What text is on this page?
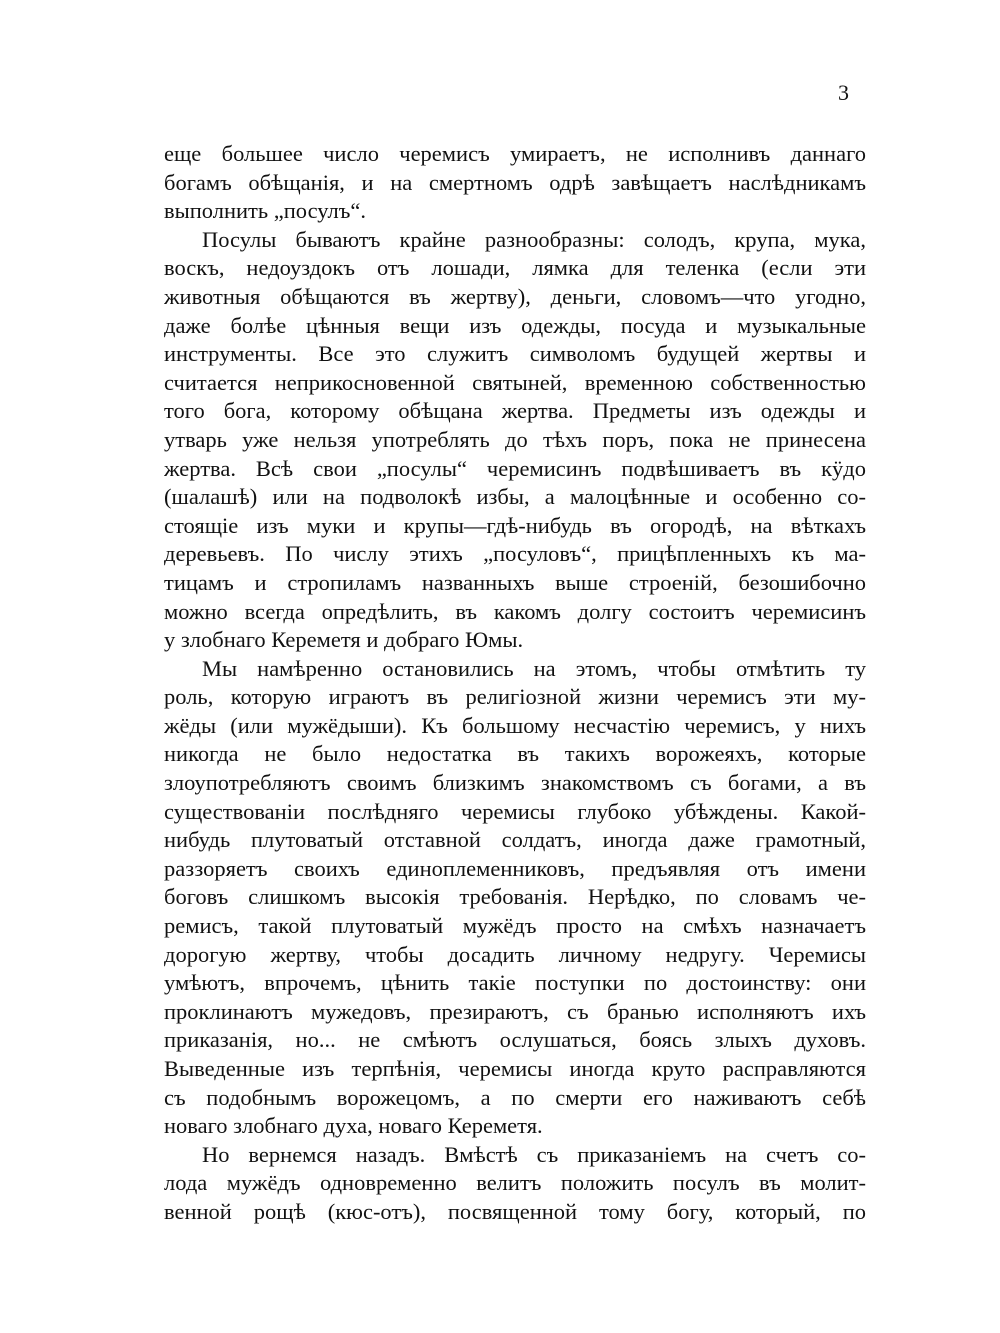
3
еще большее число черемисъ умираетъ, не исполнивъ даннаго
богамъ обѣщанія, и на смертномъ одрѣ завѣщаетъ наслѣдникамъ
выполнить „посулъ“.
Посулы бываютъ крайне разнообразны: солодъ, крупа, мука,
воскъ, недоуздокъ отъ лошади, лямка для теленка (если эти
животныя обѣщаются въ жертву), деньги, словомъ—что угодно,
даже болѣе цѣнныя вещи изъ одежды, посуда и музыкальные
инструменты. Все это служитъ символомъ будущей жертвы и
считается неприкосновенной святыней, временною собственностью
того бога, которому обѣщана жертва. Предметы изъ одежды и
утварь уже нельзя употреблять до тѣхъ поръ, пока не принесена
жертва. Всѣ свои „посулы“ черемисинъ подвѣшиваетъ въ кӱдо
(шалашѣ) или на подволокѣ избы, а малоцѣнные и особенно со-
стоящіе изъ муки и крупы—гдѣ-нибудь въ огородѣ, на вѣткахъ
деревьевъ. По числу этихъ „посуловъ“, прицѣпленныхъ къ ма-
тицамъ и стропиламъ названныхъ выше строеній, безошибочно
можно всегда опредѣлить, въ какомъ долгу состоитъ черемисинъ
у злобнаго Кереметя и добраго Юмы.
Мы намѣренно остановились на этомъ, чтобы отмѣтить ту
роль, которую играютъ въ религіозной жизни черемисъ эти му-
жёды (или мужёдыши). Къ большому несчастію черемисъ, у нихъ
никогда не было недостатка въ такихъ ворожеяхъ, которые
злоупотребляютъ своимъ близкимъ знакомствомъ съ богами, а въ
существованіи послѣдняго черемисы глубоко убѣждены. Какой-
нибудь плутоватый отставной солдатъ, иногда даже грамотный,
раззоряетъ своихъ единоплеменниковъ, предъявляя отъ имени
боговъ слишкомъ высокія требованія. Нерѣдко, по словамъ че-
ремисъ, такой плутоватый мужёдъ просто на смѣхъ назначаетъ
дорогую жертву, чтобы досадить личному недругу. Черемисы
умѣютъ, впрочемъ, цѣнить такіе поступки по достоинству: они
проклинаютъ мужедовъ, презираютъ, съ бранью исполняютъ ихъ
приказанія, но... не смѣютъ ослушаться, боясь злыхъ духовъ.
Выведенные изъ терпѣнія, черемисы иногда круто расправляются
съ подобнымъ ворожецомъ, а по смерти его наживаютъ себѣ
новаго злобнаго духа, новаго Кереметя.
Но вернемся назадъ. Вмѣстѣ съ приказаніемъ на счетъ со-
лода мужёдъ одновременно велитъ положить посулъ въ молит-
венной рощѣ (кюс-отъ), посвященной тому богу, который, по
